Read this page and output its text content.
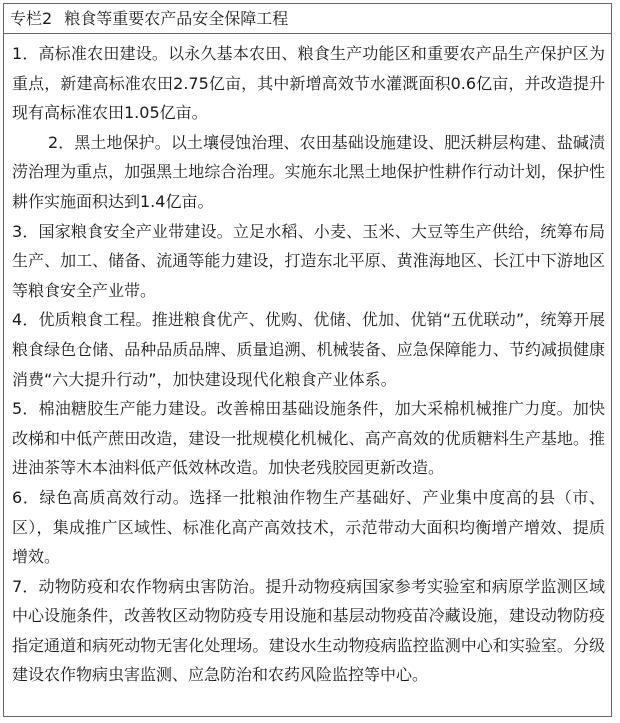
专栏2 粮食等重要农产品安全保障工程

1．高标准农田建设。以永久基本农田、粮食生产功能区和重要农产品生产保护区为重点，新建高标准农田2.75亿亩，其中新增高效节水灌溉面积0.6亿亩，并改造提升现有高标准农田1.05亿亩。

2．黑土地保护。以土壤侵蚀治理、农田基础设施建设、肥沃耕层构建、盐碱渍涝治理为重点，加强黑土地综合治理。实施东北黑土地保护性耕作行动计划，保护性耕作实施面积达到1.4亿亩。

3．国家粮食安全产业带建设。立足水稻、小麦、玉米、大豆等生产供给，统筹布局生产、加工、储备、流通等能力建设，打造东北平原、黄淮海地区、长江中下游地区等粮食安全产业带。

4．优质粮食工程。推进粮食优产、优购、优储、优加、优销“五优联动”，统筹开展粮食绿色仓储、品种品质品牌、质量追溯、机械装备、应急保障能力、节约减损健康消费“六大提升行动”，加快建设现代化粮食产业体系。

5．棉油糖胶生产能力建设。改善棉田基础设施条件，加大采棉机械推广力度。加快改梯和中低产蔗田改造，建设一批规模化机械化、高产高效的优质糖料生产基地。推进油茶等木本油料低产低效林改造。加快老残胶园更新改造。

6．绿色高质高效行动。选择一批粮油作物生产基础好、产业集中度高的县（市、区），集成推广区域性、标准化高产高效技术，示范带动大面积均衡增产增效、提质增效。

7．动物防疫和农作物病虫害防治。提升动物疫病国家参考实验室和病原学监测区域中心设施条件，改善牧区动物防疫专用设施和基层动物疫苗冷藏设施，建设动物防疫指定通道和病死动物无害化处理场。建设水生动物疫病监控监测中心和实验室。分级建设农作物病虫害监测、应急防治和农药风险监控等中心。
